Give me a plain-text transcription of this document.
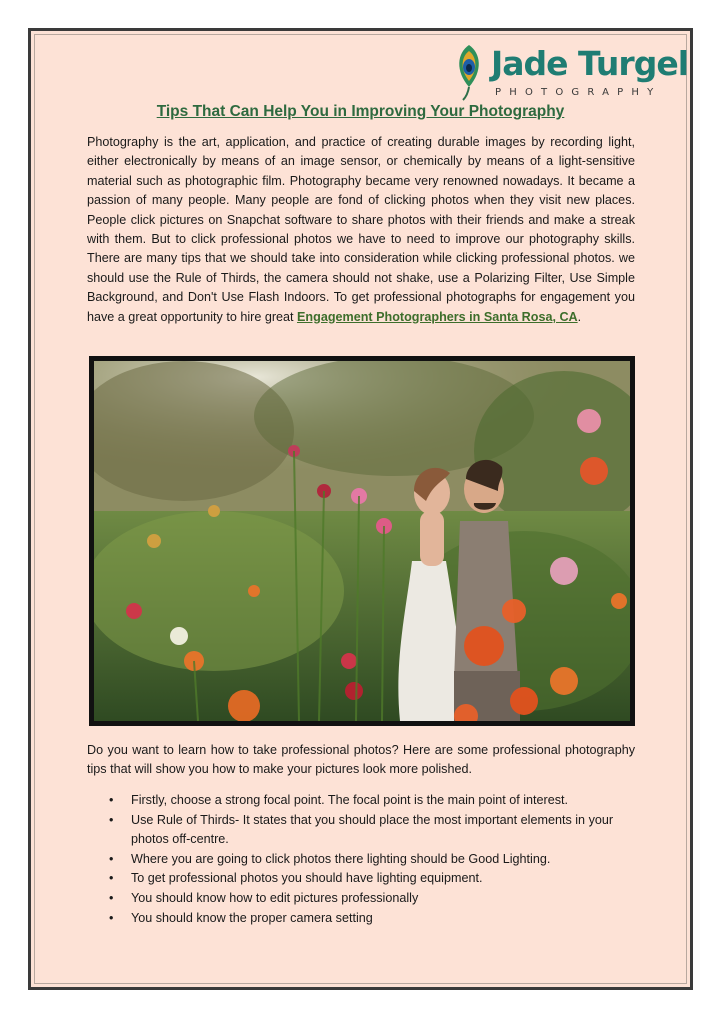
Jade Turgel
PHOTOGRAPHY
Tips That Can Help You in Improving Your Photography

Photography is the art, application, and practice of creating durable images by recording light, either electronically by means of an image sensor, or chemically by means of a light-sensitive material such as photographic film. Photography became very renowned nowadays. It became a passion of many people. Many people are fond of clicking photos when they visit new places. People click pictures on Snapchat software to share photos with their friends and make a streak with them. But to click professional photos we have to need to improve our photography skills. There are many tips that we should take into consideration while clicking professional photos. we should use the Rule of Thirds, the camera should not shake, use a Polarizing Filter, Use Simple Background, and Don't Use Flash Indoors. To get professional photographs for engagement you have a great opportunity to hire great Engagement Photographers in Santa Rosa, CA.

Do you want to learn how to take professional photos? Here are some professional photography tips that will show you how to make your pictures look more polished.

• Firstly, choose a strong focal point. The focal point is the main point of interest.
• Use Rule of Thirds- It states that you should place the most important elements in your photos off-centre.
• Where you are going to click photos there lighting should be Good Lighting.
• To get professional photos you should have lighting equipment.
• You should know how to edit pictures professionally
• You should know the proper camera setting
